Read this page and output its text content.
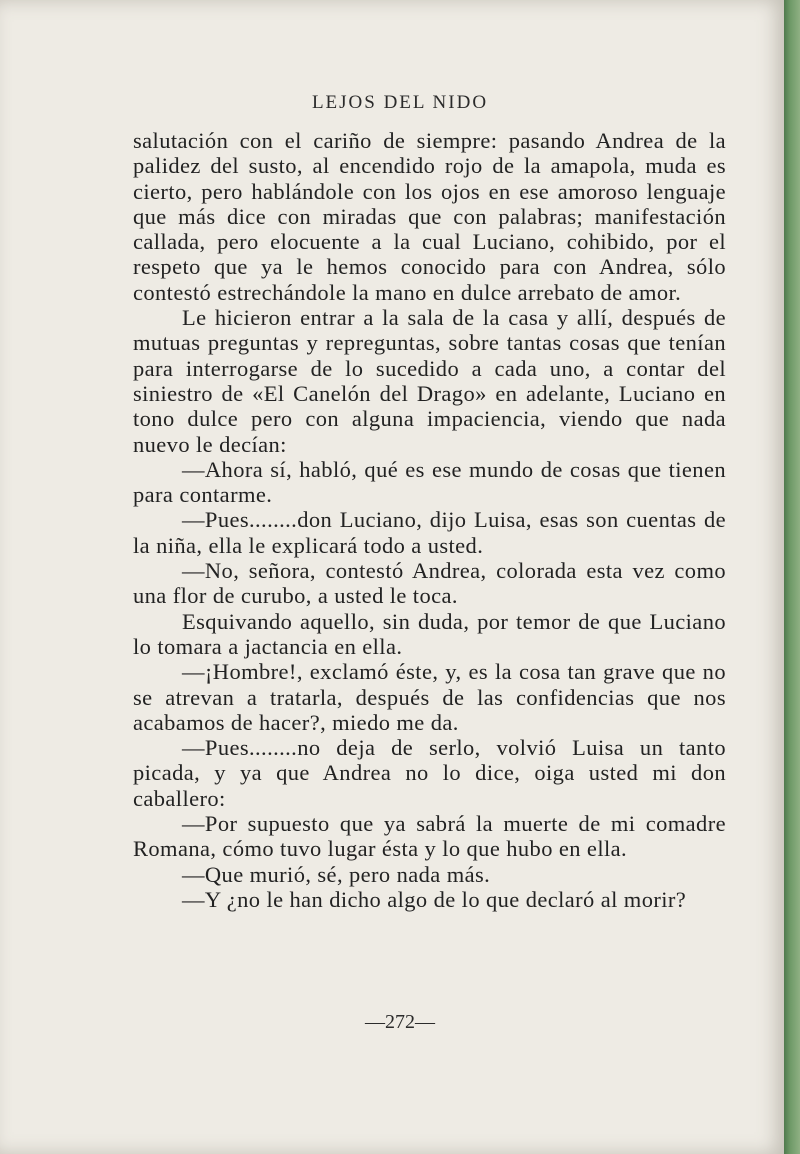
LEJOS DEL NIDO

salutación con el cariño de siempre: pasando Andrea de la palidez del susto, al encendido rojo de la amapola, muda es cierto, pero hablándole con los ojos en ese amoroso lenguaje que más dice con miradas que con palabras; manifestación callada, pero elocuente a la cual Luciano, cohibido, por el respeto que ya le hemos conocido para con Andrea, sólo contestó estrechándole la mano en dulce arrebato de amor.

Le hicieron entrar a la sala de la casa y allí, después de mutuas preguntas y repreguntas, sobre tantas cosas que tenían para interrogarse de lo sucedido a cada uno, a contar del siniestro de «El Canelón del Drago» en adelante, Luciano en tono dulce pero con alguna impaciencia, viendo que nada nuevo le decían:

—Ahora sí, habló, qué es ese mundo de cosas que tienen para contarme.

—Pues........don Luciano, dijo Luisa, esas son cuentas de la niña, ella le explicará todo a usted.

—No, señora, contestó Andrea, colorada esta vez como una flor de curubo, a usted le toca.

Esquivando aquello, sin duda, por temor de que Luciano lo tomara a jactancia en ella.

—¡Hombre!, exclamó éste, y, es la cosa tan grave que no se atrevan a tratarla, después de las confidencias que nos acabamos de hacer?, miedo me da.

—Pues........no deja de serlo, volvió Luisa un tanto picada, y ya que Andrea no lo dice, oiga usted mi don caballero:

—Por supuesto que ya sabrá la muerte de mi comadre Romana, cómo tuvo lugar ésta y lo que hubo en ella.

—Que murió, sé, pero nada más.

—Y ¿no le han dicho algo de lo que declaró al morir?

—272—
